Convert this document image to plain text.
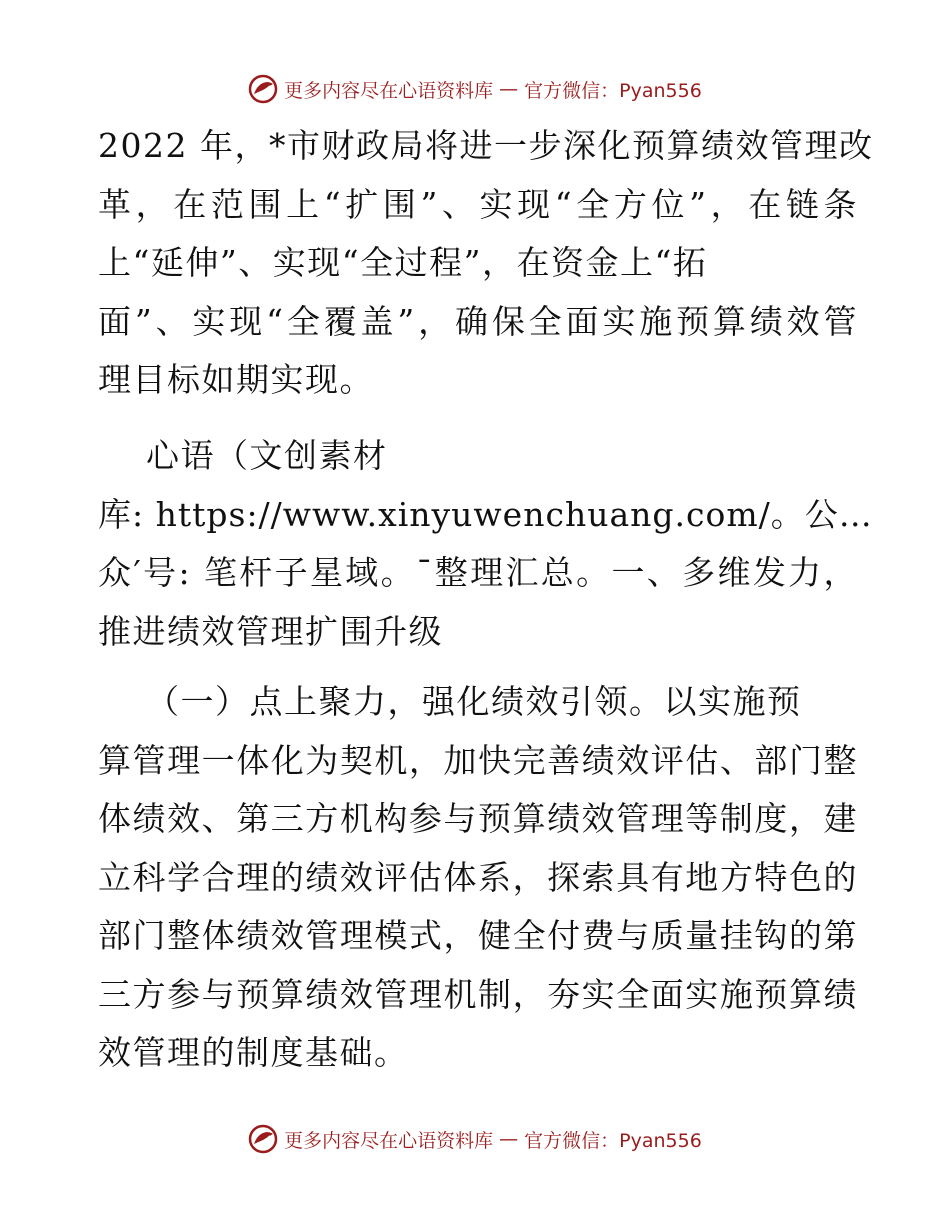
更多内容尽在心语资料库 — 官方微信：Pyan556
2022 年，*市财政局将进一步深化预算绩效管理改
革，在范围上“扩围”、实现“全方位”，在链条
上“延伸”、实现“全过程”，在资金上“拓
面”、实现“全覆盖”，确保全面实施预算绩效管
理目标如期实现。
心语（文创素材
库: https://www.xinyuwenchuang.com/。公…
众′号: 笔杆子星域。¯整理汇总。一、多维发力，
推进绩效管理扩围升级
（一）点上聚力，强化绩效引领。以实施预
算管理一体化为契机，加快完善绩效评估、部门整
体绩效、第三方机构参与预算绩效管理等制度，建
立科学合理的绩效评估体系，探索具有地方特色的
部门整体绩效管理模式，健全付费与质量挂钩的第
三方参与预算绩效管理机制，夯实全面实施预算绩
效管理的制度基础。
更多内容尽在心语资料库 — 官方微信：Pyan556
